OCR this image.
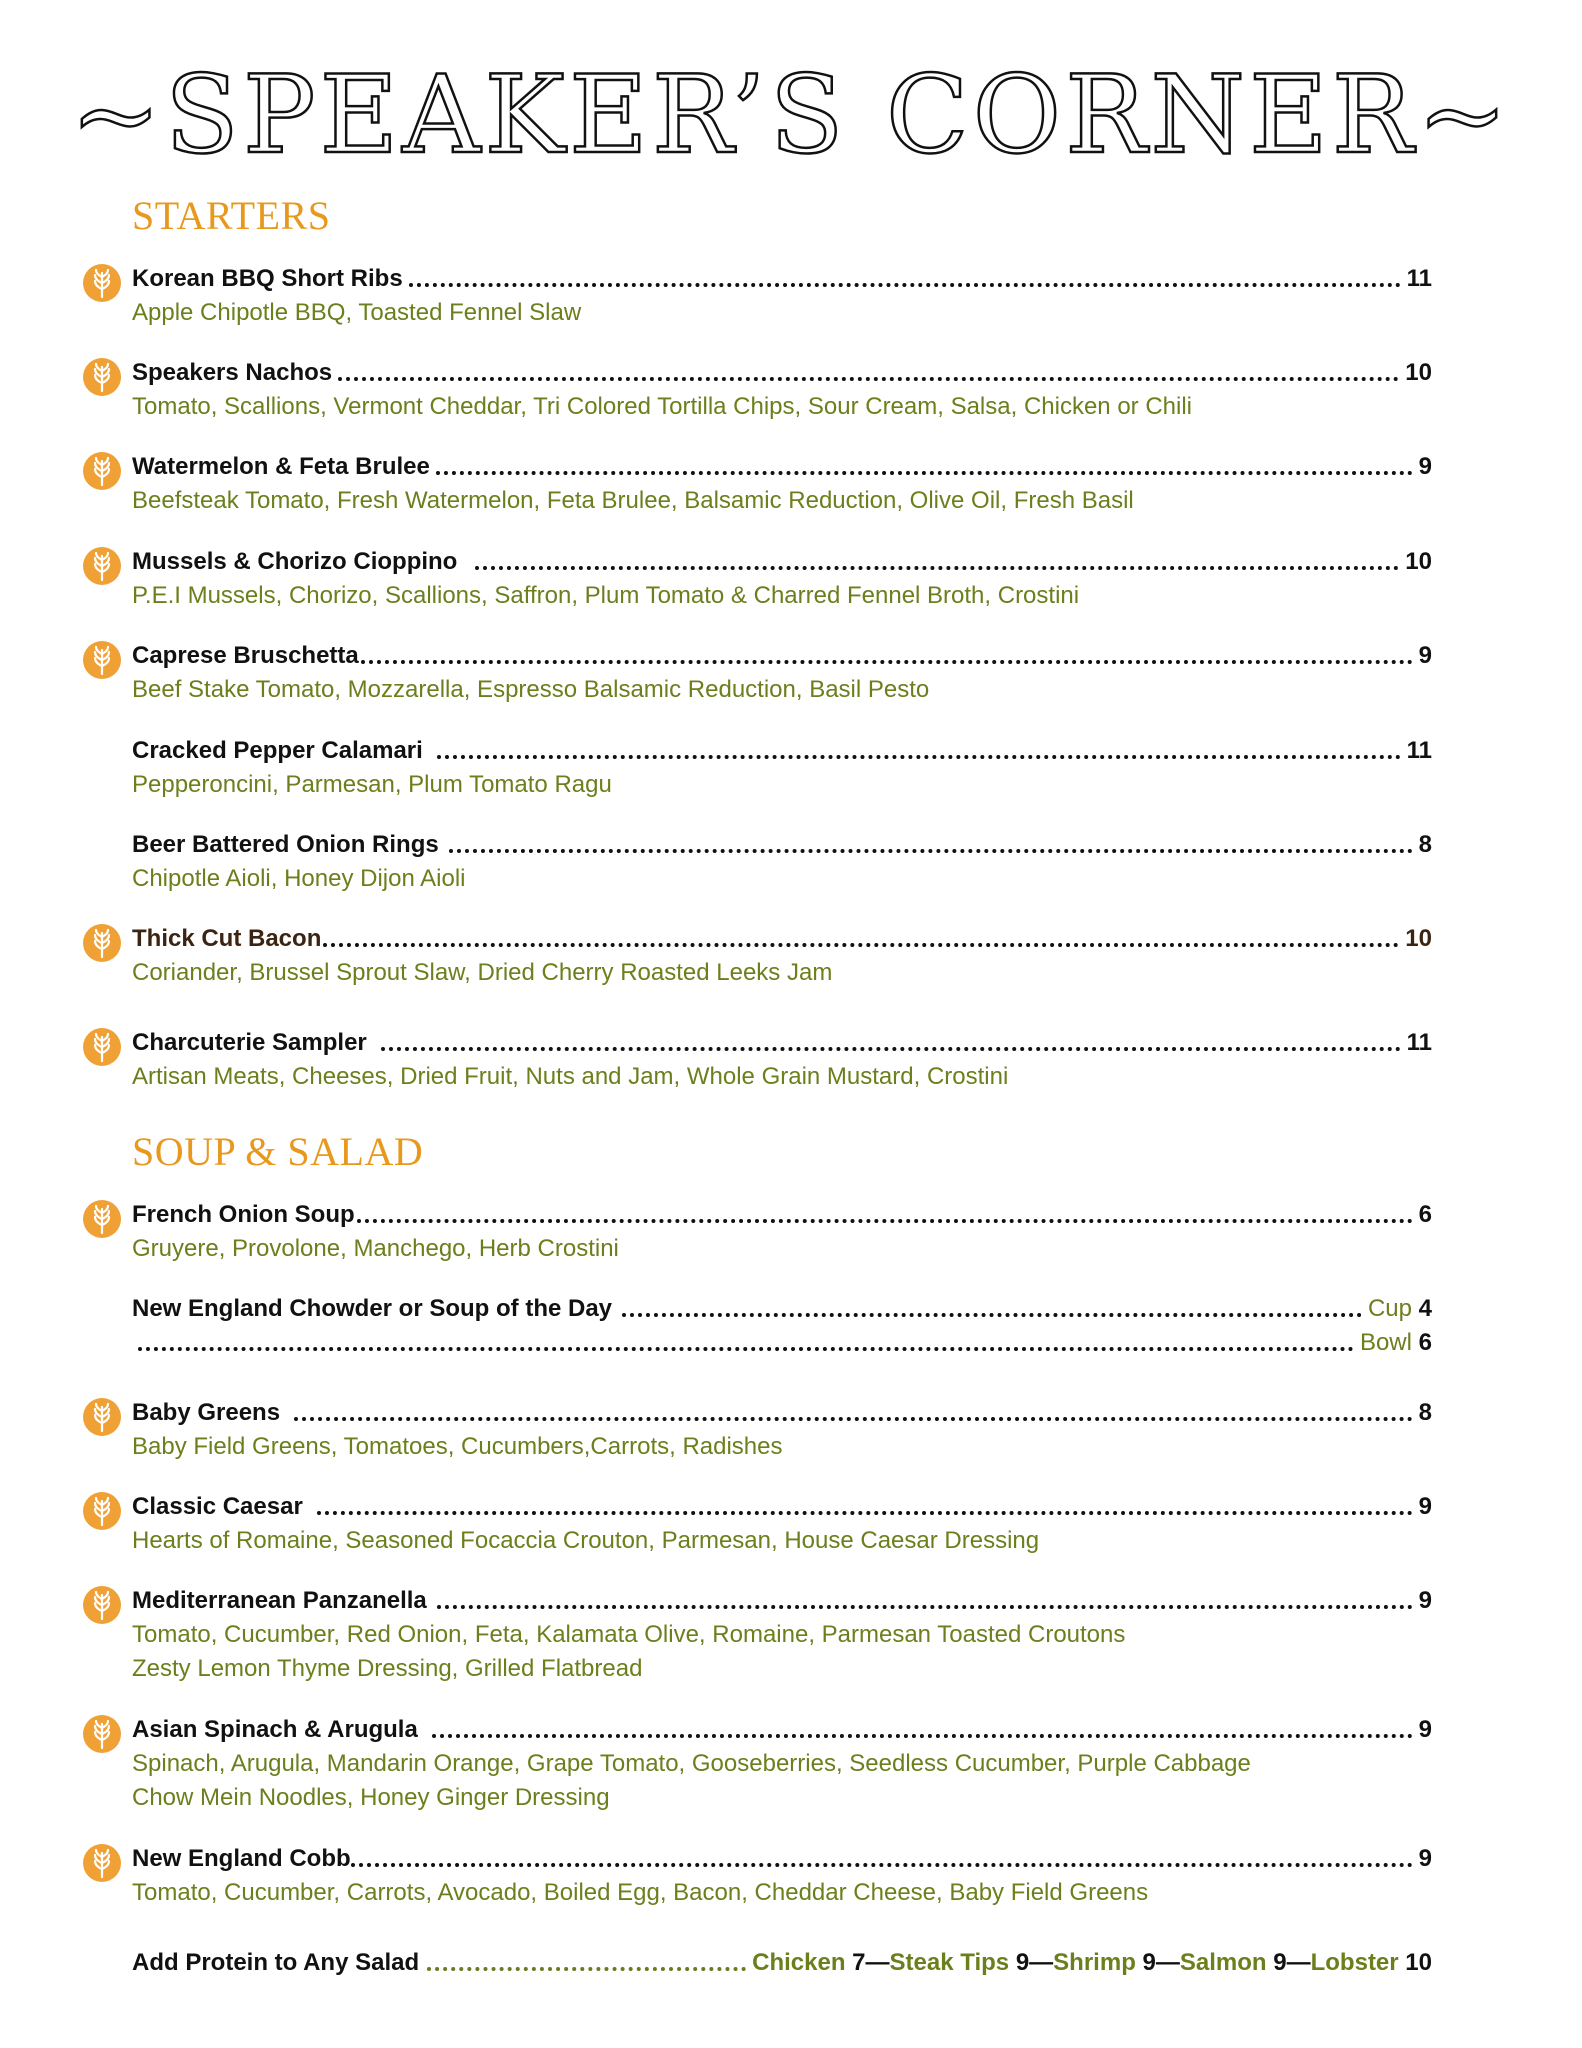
~SPEAKER’S CORNER~
STARTERS
Korean BBQ Short Ribs	11
Apple Chipotle BBQ, Toasted Fennel Slaw
Speakers Nachos	10
Tomato, Scallions, Vermont Cheddar, Tri Colored Tortilla Chips, Sour Cream, Salsa, Chicken or Chili
Watermelon & Feta Brulee	9
Beefsteak Tomato, Fresh Watermelon, Feta Brulee, Balsamic Reduction, Olive Oil, Fresh Basil
Mussels & Chorizo Cioppino	10
P.E.I Mussels, Chorizo, Scallions, Saffron, Plum Tomato & Charred Fennel Broth, Crostini
Caprese Bruschetta	9
Beef Stake Tomato, Mozzarella, Espresso Balsamic Reduction, Basil Pesto
Cracked Pepper Calamari	11
Pepperoncini, Parmesan, Plum Tomato Ragu
Beer Battered Onion Rings	8
Chipotle Aioli, Honey Dijon Aioli
Thick Cut Bacon	10
Coriander, Brussel Sprout Slaw, Dried Cherry Roasted Leeks Jam
Charcuterie Sampler	11
Artisan Meats, Cheeses, Dried Fruit, Nuts and Jam, Whole Grain Mustard, Crostini
SOUP & SALAD
French Onion Soup	6
Gruyere, Provolone, Manchego, Herb Crostini
New England Chowder or Soup of the Day	Cup 4
Bowl 6
Baby Greens	8
Baby Field Greens, Tomatoes, Cucumbers,Carrots, Radishes
Classic Caesar	9
Hearts of Romaine, Seasoned Focaccia Crouton, Parmesan, House Caesar Dressing
Mediterranean Panzanella	9
Tomato, Cucumber, Red Onion, Feta, Kalamata Olive, Romaine, Parmesan Toasted Croutons
Zesty Lemon Thyme Dressing, Grilled Flatbread
Asian Spinach & Arugula	9
Spinach, Arugula, Mandarin Orange, Grape Tomato, Gooseberries, Seedless Cucumber, Purple Cabbage
Chow Mein Noodles, Honey Ginger Dressing
New England Cobb	9
Tomato, Cucumber, Carrots, Avocado, Boiled Egg, Bacon, Cheddar Cheese, Baby Field Greens
Add Protein to Any Salad	Chicken 7—Steak Tips 9—Shrimp 9—Salmon 9—Lobster 10
